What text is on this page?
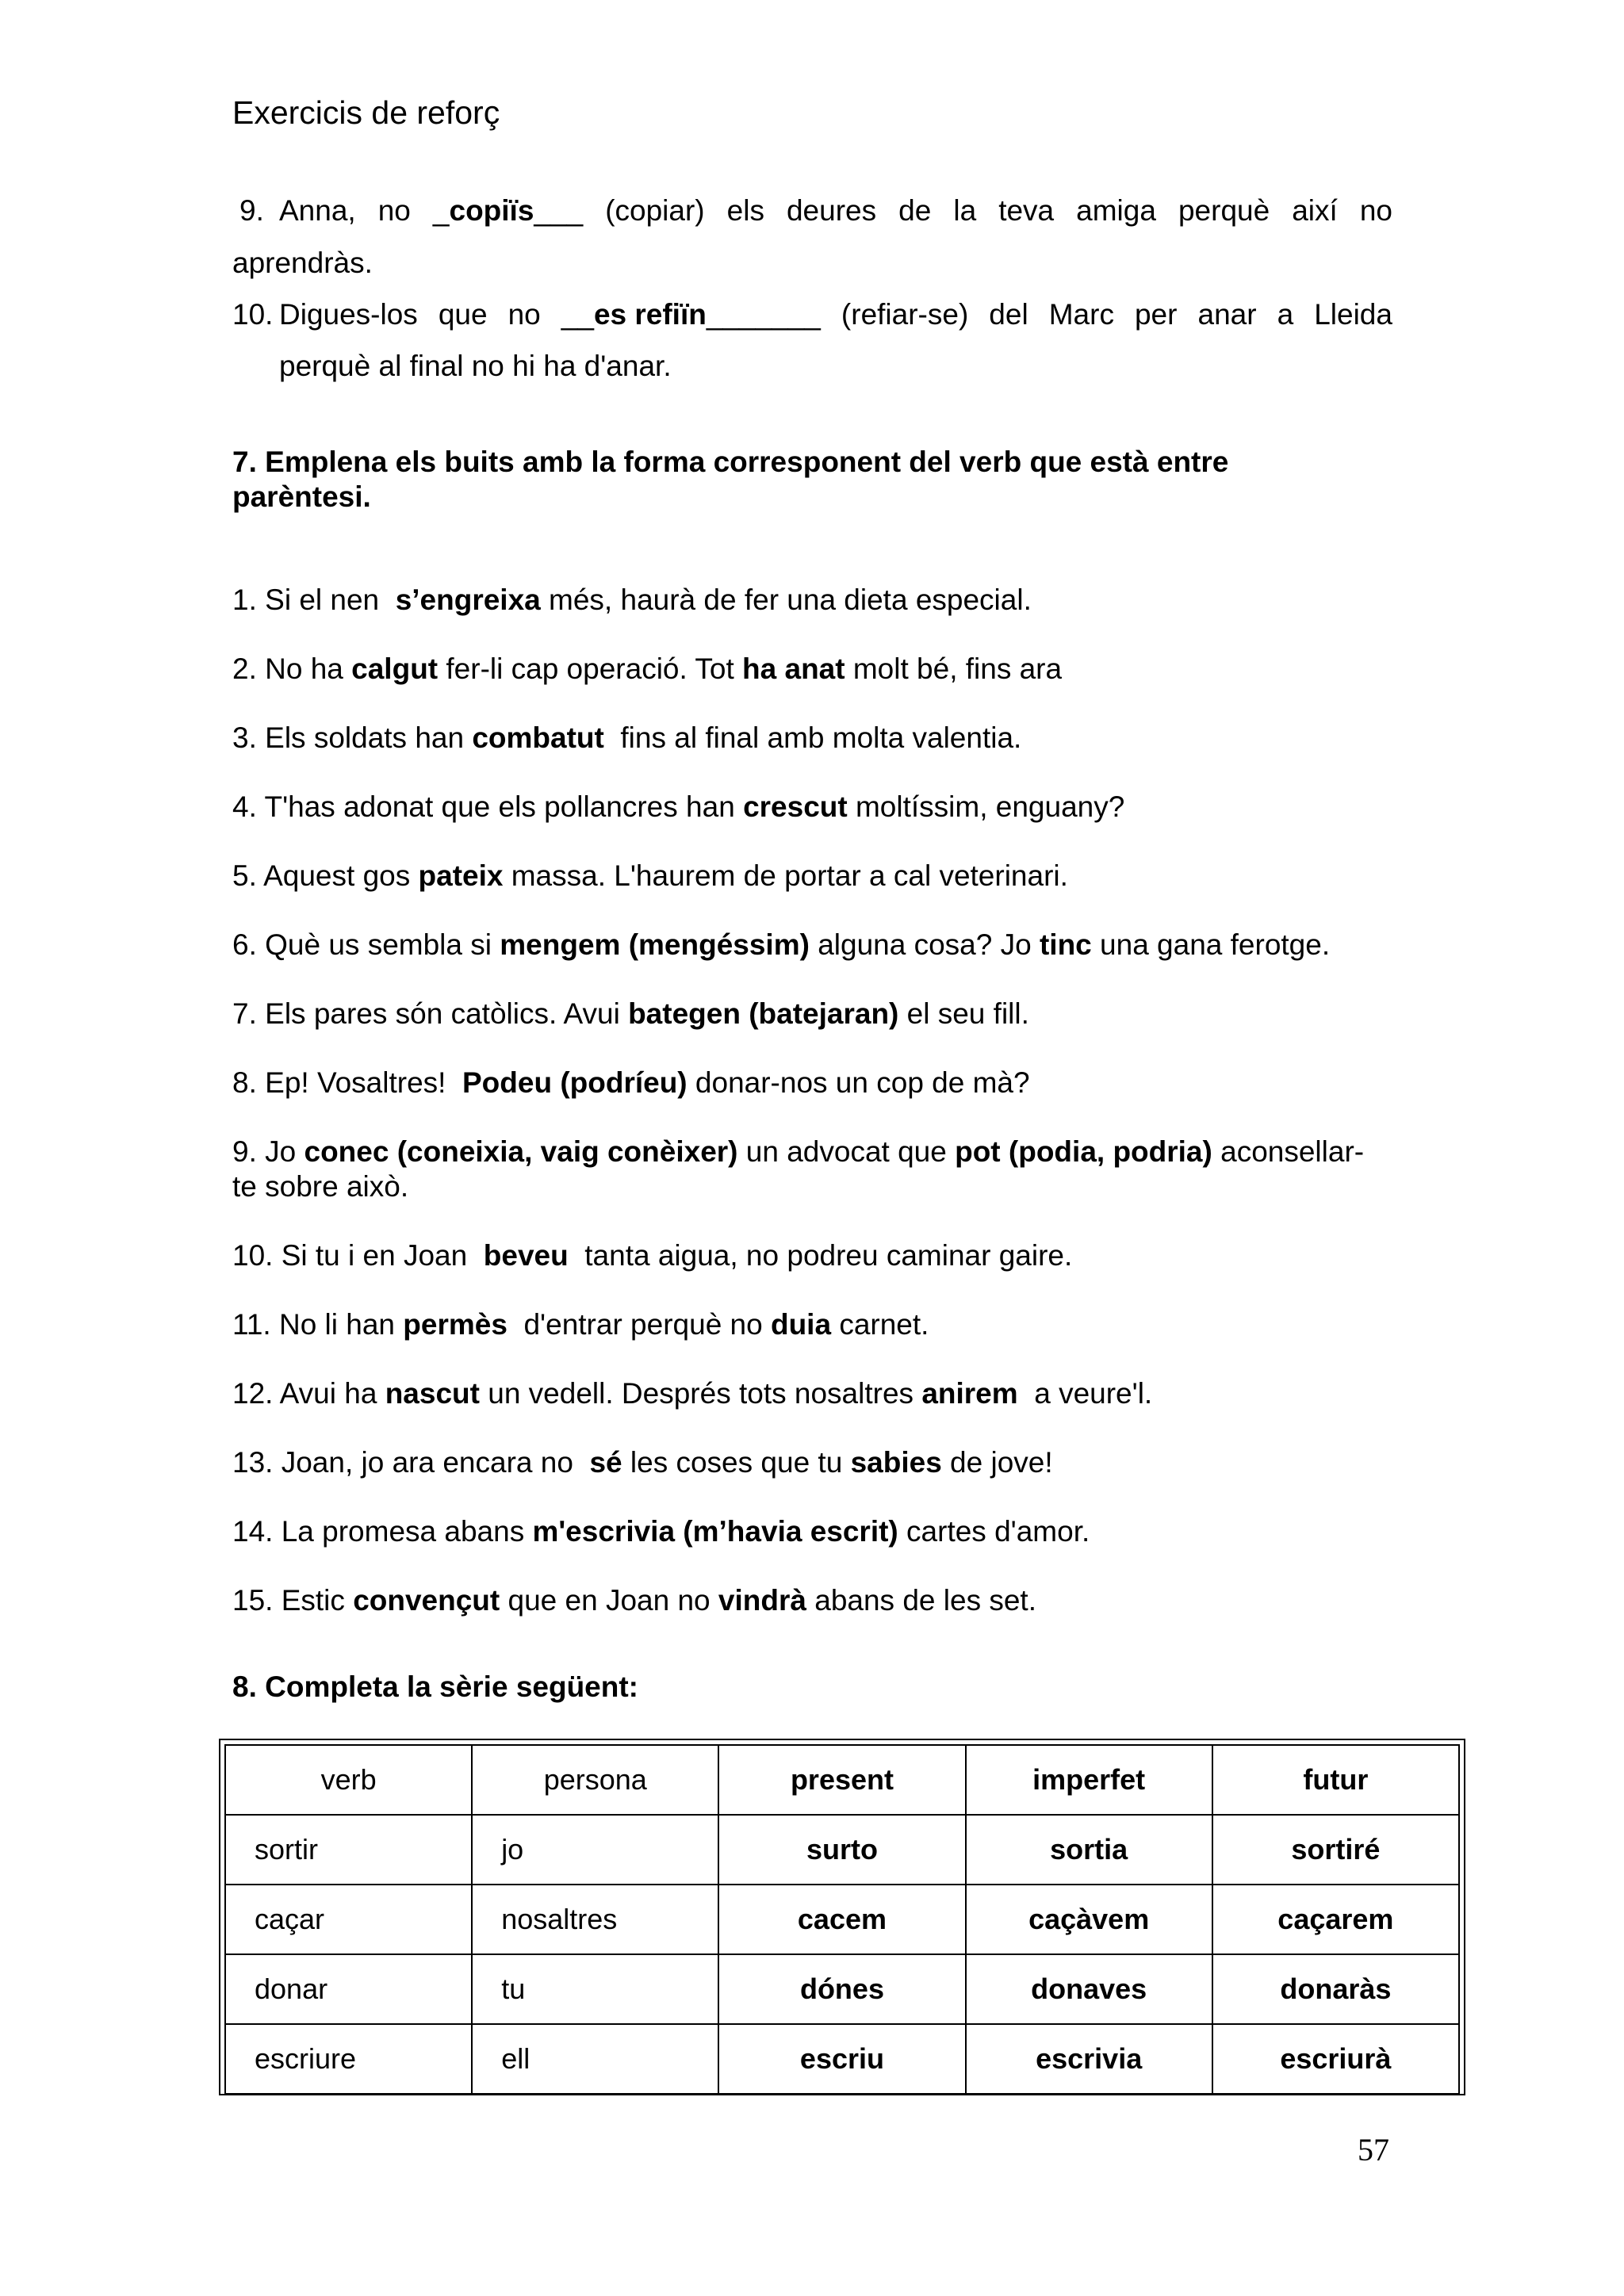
Exercicis de reforç
9. Anna, no _copiïs___ (copiar) els deures de la teva amiga perquè així no
aprendràs.
10. Digues-los que no __es refiïn_______ (refiar-se) del Marc per anar a Lleida
perquè al final no hi ha d'anar.
7. Emplena els buits amb la forma corresponent del verb que està entre
parèntesi.
1. Si el nen  s’engreixa més, haurà de fer una dieta especial.
2. No ha calgut fer-li cap operació. Tot ha anat molt bé, fins ara
3. Els soldats han combatut  fins al final amb molta valentia.
4. T'has adonat que els pollancres han crescut moltíssim, enguany?
5. Aquest gos pateix massa. L'haurem de portar a cal veterinari.
6. Què us sembla si mengem (mengéssim) alguna cosa? Jo tinc una gana ferotge.
7. Els pares són catòlics. Avui bategen (batejaran) el seu fill.
8. Ep! Vosaltres!  Podeu (podríeu) donar-nos un cop de mà?
9. Jo conec (coneixia, vaig conèixer) un advocat que pot (podia, podria) aconsellar-
te sobre això.
10. Si tu i en Joan  beveu  tanta aigua, no podreu caminar gaire.
11. No li han permès  d'entrar perquè no duia carnet.
12. Avui ha nascut un vedell. Després tots nosaltres anirem  a veure'l.
13. Joan, jo ara encara no  sé les coses que tu sabies de jove!
14. La promesa abans m'escrivia (m’havia escrit) cartes d'amor.
15. Estic convençut que en Joan no vindrà abans de les set.
8. Completa la sèrie següent:
verb	persona	present	imperfet	futur
sortir	jo	surto	sortia	sortiré
caçar	nosaltres	cacem	caçàvem	caçarem
donar	tu	dónes	donaves	donaràs
escriure	ell	escriu	escrivia	escriurà
57
